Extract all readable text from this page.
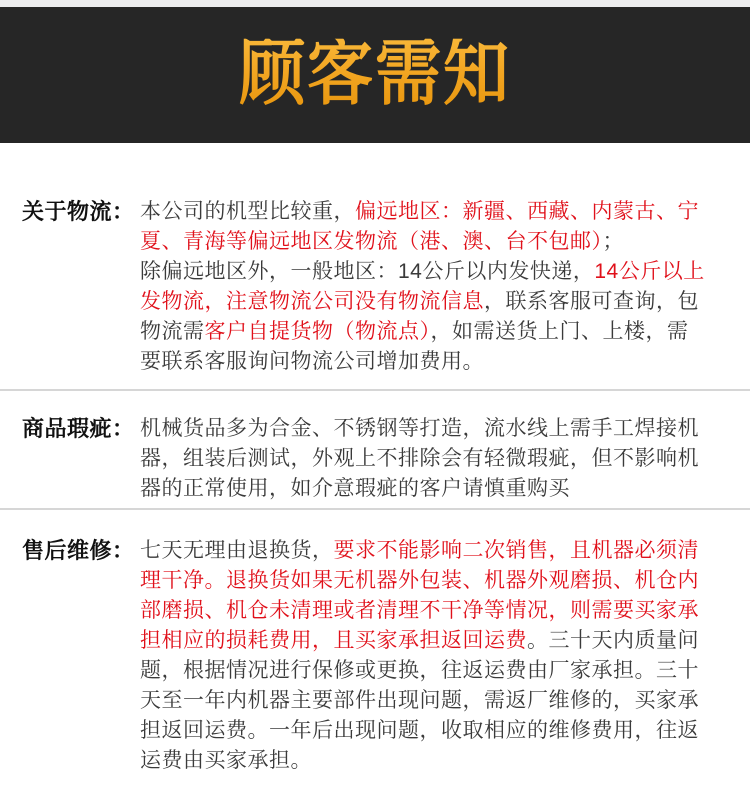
顾客需知
关于物流： 本公司的机型比较重，偏远地区：新疆、西藏、内蒙古、宁
夏、青海等偏远地区发物流（港、澳、台不包邮）；
除偏远地区外，一般地区：14公斤以内发快递，14公斤以上
发物流，注意物流公司没有物流信息，联系客服可查询，包
物流需客户自提货物（物流点），如需送货上门、上楼，需
要联系客服询问物流公司增加费用。
商品瑕疵： 机械货品多为合金、不锈钢等打造，流水线上需手工焊接机
器，组装后测试，外观上不排除会有轻微瑕疵，但不影响机
器的正常使用，如介意瑕疵的客户请慎重购买
售后维修： 七天无理由退换货，要求不能影响二次销售，且机器必须清
理干净。退换货如果无机器外包装、机器外观磨损、机仓内
部磨损、机仓未清理或者清理不干净等情况，则需要买家承
担相应的损耗费用，且买家承担返回运费。三十天内质量问
题，根据情况进行保修或更换，往返运费由厂家承担。三十
天至一年内机器主要部件出现问题，需返厂维修的，买家承
担返回运费。一年后出现问题，收取相应的维修费用，往返
运费由买家承担。
